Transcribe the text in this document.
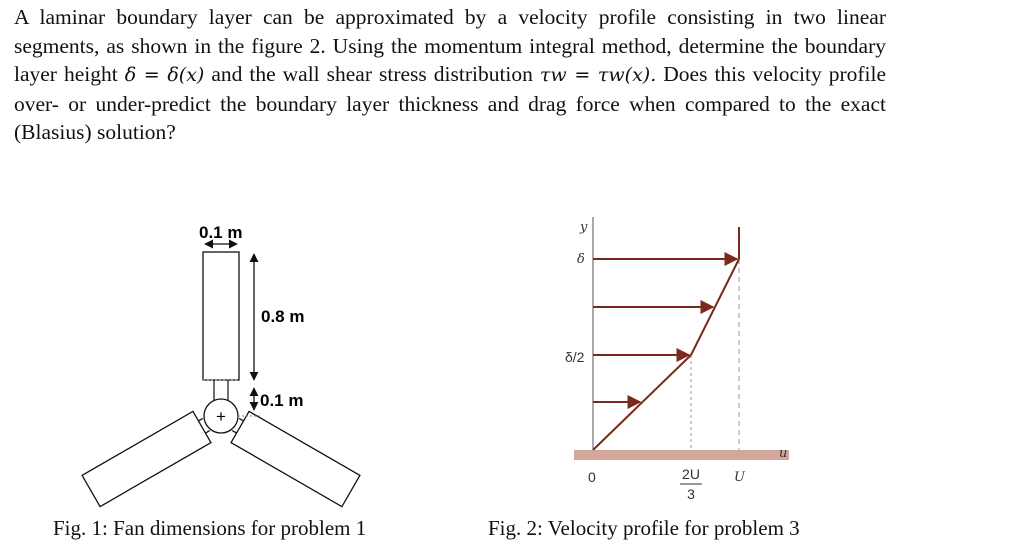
A laminar boundary layer can be approximated by a velocity profile consisting in two linear segments, as shown in the figure 2. Using the momentum integral method, determine the boundary layer height δ = δ(x) and the wall shear stress distribution τw = τw(x). Does this velocity profile over- or under-predict the boundary layer thickness and drag force when compared to the exact (Blasius) solution?

0.1 m
0.8 m
0.1 m
+
y
δ
δ/2
0	2U
3
U
u
Fig. 1: Fan dimensions for problem 1	Fig. 2: Velocity profile for problem 3
